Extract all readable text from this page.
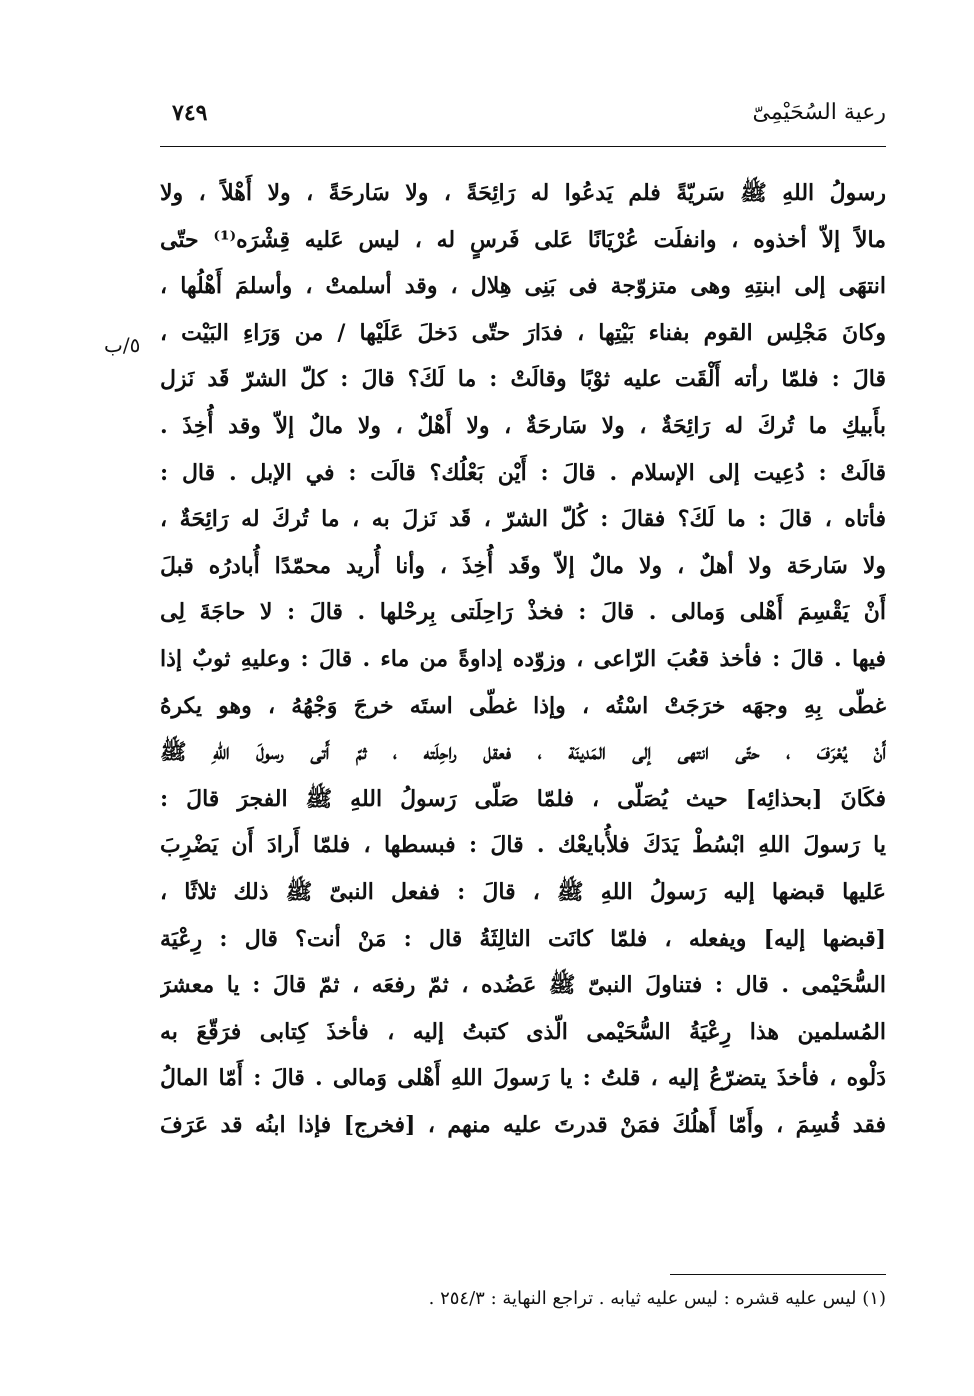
رعية السُحَيْمِىّ
٧٤٩
٥/ب
رسولُ اللهِ ﷺ سَريّةً فلم يَدعُوا له رَائِحَةً ، ولا سَارحَةً ، ولا أَهْلاً ، ولا
مالاً إلاّ أخذوه ، وانفلَت عُرْيَانًا عَلى فَرسٍ له ، ليس عَليه قِشْرَه⁽¹⁾ حتّى
انتهَى إلى ابنتِهِ وهى متزوّجة فى بَنِى هِلال ، وقد أسلمتْ ، وأسلمَ أَهْلُها ،
وكانَ مَجْلِس القوم بفناء بَيْتِها ، فدَارَ حتّى دَخلَ عَلَيْها / من وَرَاءِ البَيْت ،
قالَ : فلمّا رأته أَلْقَت عليه ثوْبًا وقالَتْ : ما لَكَ؟ قالَ : كلّ الشرّ قَد نَزل
بأَبيكِ ما تُركَ له رَائِحَةٌ ، ولا سَارحَةٌ ، ولا أَهْلٌ ، ولا مالٌ إلاّ وقد أُخِذَ .
قالَتْ : دُعِيت إلى الإسلام . قالَ : أَيْن بَعْلُك؟ قالَت : في الإبل . قال :
فأتاه ، قالَ : ما لَكَ؟ فقالَ : كُلّ الشرّ ، قَد نَزلَ به ، ما تُركَ له رَائِحَةٌ ،
ولا سَارحَة ولا أهلٌ ، ولا مالٌ إلاّ وقَد أُخِذَ ، وأنا أُريد محمّدًا أُبادرُه قبلَ
أَنْ يَقْسِمَ أَهْلى وَمالى . قالَ : فخذْ رَاحِلَتى بِرحْلها . قالَ : لا حاجَةَ لِى
فيها . قالَ : فأخذ قعُبَ الرّاعى ، وزوّده إداوةً من ماء . قالَ : وعليهِ ثوبٌ إذا
غطّى بِهِ وجهَه خرَجَتْ اسْتُه ، وإذا غطّى استَه خرجَ وَجْهُهُ ، وهو يكرهُ
أَنْ يُعْرَفَ ، حتّى انتهى إلى المَدينَة ، فعقل راحِلَته ، ثمّ أَتى رسولَ اللهِ ﷺ
فكَانَ [بحذائِه] حيث يُصَلّى ، فلمّا صَلّى رَسولُ اللهِ ﷺ الفجرَ قالَ :
يا رَسولَ اللهِ ابْسُطْ يَدَكَ فلأُبايعْك . قالَ : فبسطها ، فلمّا أَرادَ أَن يَضْرِبَ
عَليها قبضها إليه رَسولُ اللهِ ﷺ ، قالَ : ففعل النبىّ ﷺ ذلك ثلاثًا ،
[قبضها إليه] ويفعله ، فلمّا كانَت الثالِثَةُ قال : مَنْ أنت؟ قال : رِعْيَة
السُّحَيْمى . قال : فتناولَ النبىّ ﷺ عَضُده ، ثمّ رفعَه ، ثمّ قالَ : يا معشرَ
المُسلمين هذا رِعْيَةُ السُّحَيْمى الّذى كتبتُ إليه ، فأخذَ كِتابى فرَقّعَ به
دَلْوه ، فأخذَ يتضرّعُ إليه ، قلتُ : يا رَسولَ اللهِ أَهْلى وَمالى . قالَ : أَمّا المالُ
فقد قُسِمَ ، وأَمّا أَهلُكَ فمَنْ قدرتَ عليه منهم ، [فخرج] فإذا ابنُه قد عَرَفَ
(١) ليس عليه قشره : ليس عليه ثيابه . تراجع النهاية : ٢٥٤/٣ .
